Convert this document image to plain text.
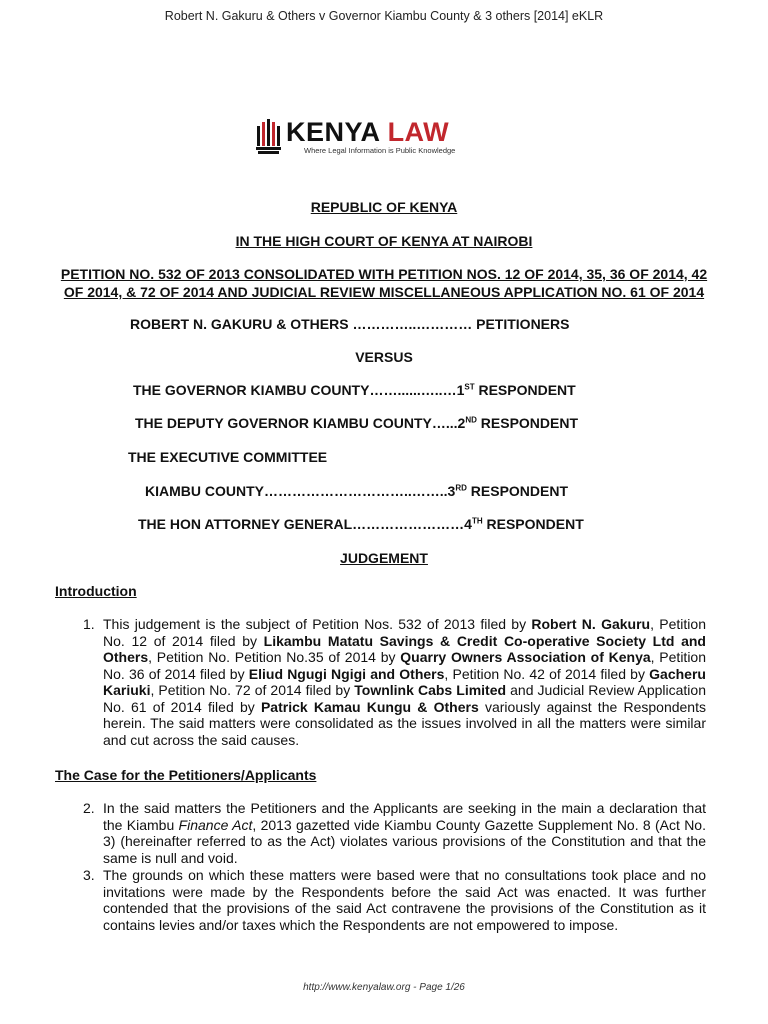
Robert N. Gakuru & Others v Governor Kiambu County & 3 others [2014] eKLR
KENYA LAW
Where Legal Information is Public Knowledge
REPUBLIC OF KENYA
IN THE HIGH COURT OF KENYA AT NAIROBI
PETITION NO. 532 OF 2013 CONSOLIDATED WITH PETITION NOS. 12 OF 2014, 35, 36 OF 2014, 42
OF 2014, & 72 OF 2014 AND JUDICIAL REVIEW MISCELLANEOUS APPLICATION NO. 61 OF 2014
ROBERT N. GAKURU & OTHERS …………..………… PETITIONERS
VERSUS
THE GOVERNOR KIAMBU COUNTY……......…..…1ST RESPONDENT
THE DEPUTY GOVERNOR KIAMBU COUNTY…...2ND RESPONDENT
THE EXECUTIVE COMMITTEE
KIAMBU COUNTY…………………………..……..3RD RESPONDENT
THE HON ATTORNEY GENERAL……………………4TH RESPONDENT
JUDGEMENT
Introduction
1. This judgement is the subject of Petition Nos. 532 of 2013 filed by Robert N. Gakuru, Petition No. 12 of 2014 filed by Likambu Matatu Savings & Credit Co-operative Society Ltd and Others, Petition No. Petition No.35 of 2014 by Quarry Owners Association of Kenya, Petition No. 36 of 2014 filed by Eliud Ngugi Ngigi and Others, Petition No. 42 of 2014 filed by Gacheru Kariuki, Petition No. 72 of 2014 filed by Townlink Cabs Limited and Judicial Review Application No. 61 of 2014 filed by Patrick Kamau Kungu & Others variously against the Respondents herein. The said matters were consolidated as the issues involved in all the matters were similar and cut across the said causes.
The Case for the Petitioners/Applicants
2. In the said matters the Petitioners and the Applicants are seeking in the main a declaration that the Kiambu Finance Act, 2013 gazetted vide Kiambu County Gazette Supplement No. 8 (Act No. 3) (hereinafter referred to as the Act) violates various provisions of the Constitution and that the same is null and void.
3. The grounds on which these matters were based were that no consultations took place and no invitations were made by the Respondents before the said Act was enacted. It was further contended that the provisions of the said Act contravene the provisions of the Constitution as it contains levies and/or taxes which the Respondents are not empowered to impose.
http://www.kenyalaw.org - Page 1/26
